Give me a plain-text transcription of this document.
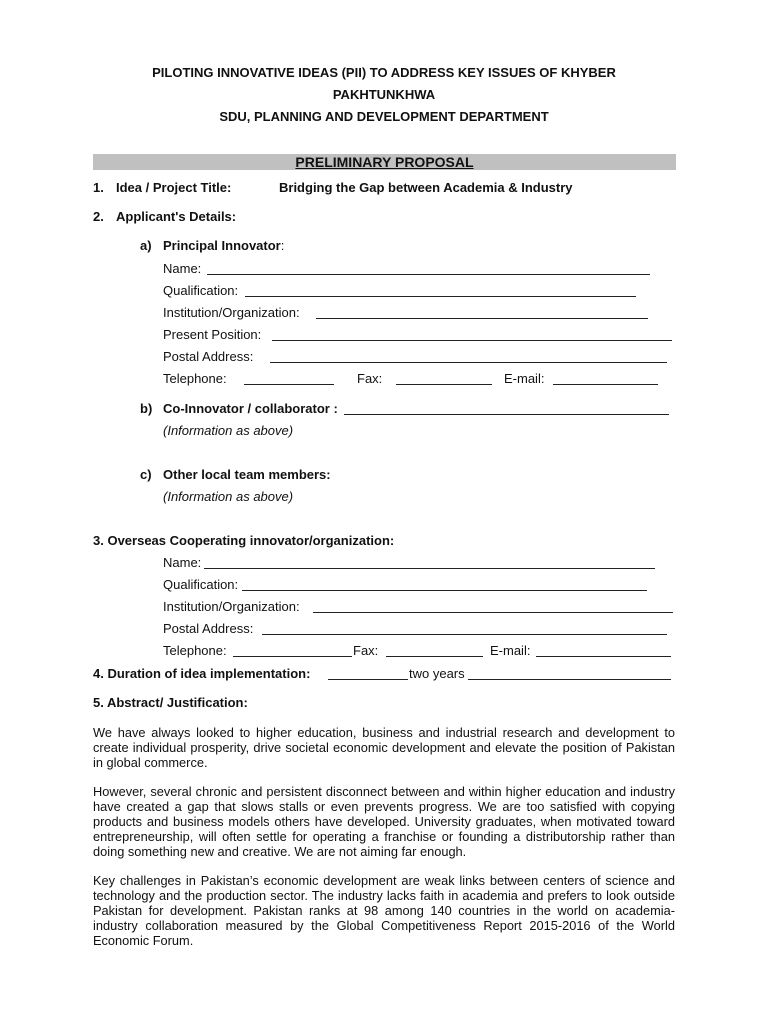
PILOTING INNOVATIVE IDEAS (PII) TO ADDRESS KEY ISSUES OF KHYBER
PAKHTUNKHWA
SDU, PLANNING AND DEVELOPMENT DEPARTMENT
PRELIMINARY PROPOSAL
1. Idea / Project Title:	Bridging the Gap between Academia & Industry
2. Applicant's Details:
a) Principal Innovator:
Name:
Qualification:
Institution/Organization:
Present Position:
Postal Address:
Telephone:	Fax:	E-mail:
b) Co-Innovator / collaborator :
(Information as above)
c) Other local team members:
(Information as above)
3. Overseas Cooperating innovator/organization:
Name:
Qualification:
Institution/Organization:
Postal Address:
Telephone:	Fax:	E-mail:
4. Duration of idea implementation:	two years
5. Abstract/ Justification:
We have always looked to higher education, business and industrial research and development to create individual prosperity, drive societal economic development and elevate the position of Pakistan in global commerce.
However, several chronic and persistent disconnect between and within higher education and industry have created a gap that slows stalls or even prevents progress. We are too satisfied with copying products and business models others have developed. University graduates, when motivated toward entrepreneurship, will often settle for operating a franchise or founding a distributorship rather than doing something new and creative. We are not aiming far enough.
Key challenges in Pakistan’s economic development are weak links between centers of science and technology and the production sector. The industry lacks faith in academia and prefers to look outside Pakistan for development. Pakistan ranks at 98 among 140 countries in the world on academia-industry collaboration measured by the Global Competitiveness Report 2015-2016 of the World Economic Forum.
